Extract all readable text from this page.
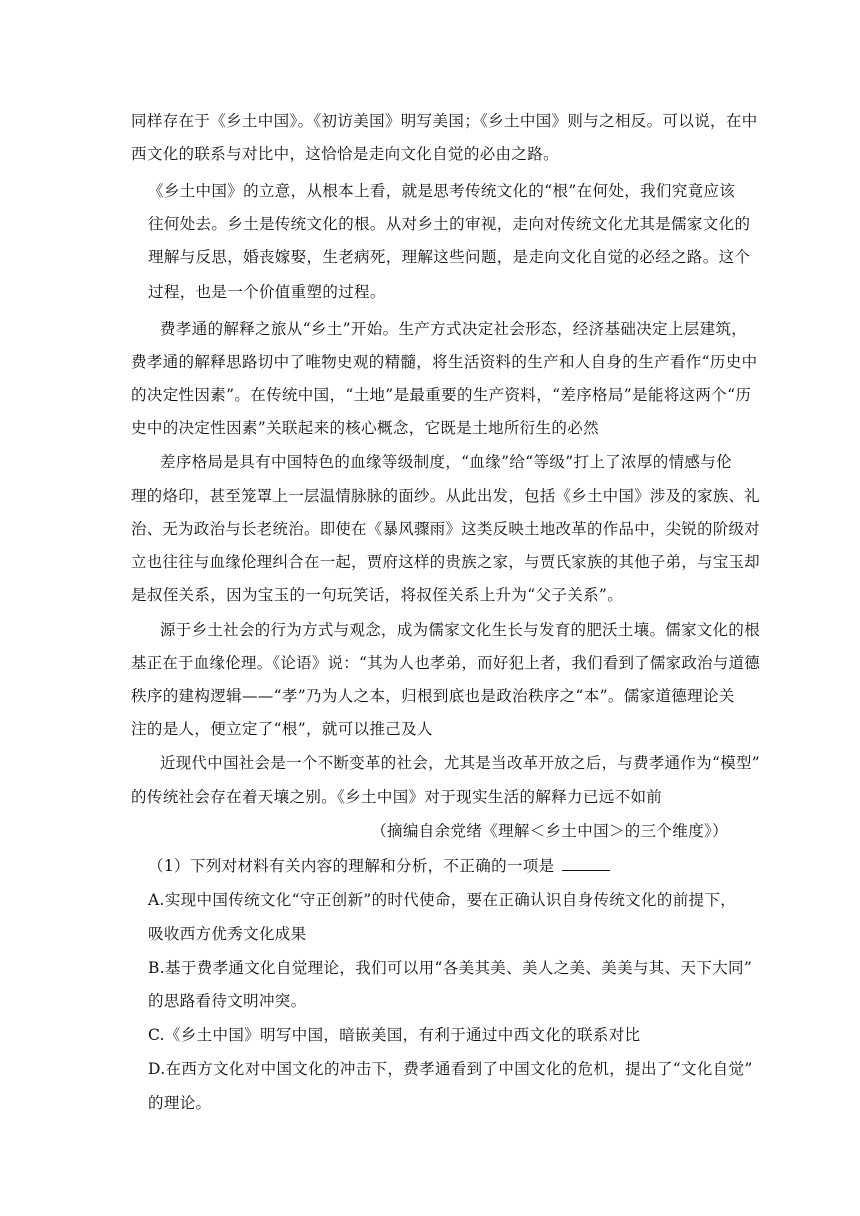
同样存在于《乡土中国》。《初访美国》明写美国；《乡土中国》则与之相反。可以说，在中
西文化的联系与对比中，这恰恰是走向文化自觉的必由之路。
《乡土中国》的立意，从根本上看，就是思考传统文化的“根”在何处，我们究竟应该
往何处去。乡土是传统文化的根。从对乡土的审视，走向对传统文化尤其是儒家文化的
理解与反思，婚丧嫁娶，生老病死，理解这些问题，是走向文化自觉的必经之路。这个
过程，也是一个价值重塑的过程。
费孝通的解释之旅从“乡土”开始。生产方式决定社会形态，经济基础决定上层建筑，
费孝通的解释思路切中了唯物史观的精髓，将生活资料的生产和人自身的生产看作“历史中
的决定性因素”。在传统中国，“土地”是最重要的生产资料，“差序格局”是能将这两个“历
史中的决定性因素”关联起来的核心概念，它既是土地所衍生的必然
差序格局是具有中国特色的血缘等级制度，“血缘”给“等级”打上了浓厚的情感与伦
理的烙印，甚至笼罩上一层温情脉脉的面纱。从此出发，包括《乡土中国》涉及的家族、礼
治、无为政治与长老统治。即使在《暴风骤雨》这类反映土地改革的作品中，尖锐的阶级对
立也往往与血缘伦理纠合在一起，贾府这样的贵族之家，与贾氏家族的其他子弟，与宝玉却
是叔侄关系，因为宝玉的一句玩笑话，将叔侄关系上升为“父子关系”。
源于乡土社会的行为方式与观念，成为儒家文化生长与发育的肥沃土壤。儒家文化的根
基正在于血缘伦理。《论语》说：“其为人也孝弟，而好犯上者，我们看到了儒家政治与道德
秩序的建构逻辑——“孝”乃为人之本，归根到底也是政治秩序之“本”。儒家道德理论关
注的是人，便立定了“根”，就可以推己及人
近现代中国社会是一个不断变革的社会，尤其是当改革开放之后，与费孝通作为“模型”
的传统社会存在着天壤之别。《乡土中国》对于现实生活的解释力已远不如前
（摘编自余党绪《理解＜乡土中国＞的三个维度》）
（1）下列对材料有关内容的理解和分析，不正确的一项是
A.实现中国传统文化“守正创新”的时代使命，要在正确认识自身传统文化的前提下，
吸收西方优秀文化成果
B.基于费孝通文化自觉理论，我们可以用“各美其美、美人之美、美美与其、天下大同”
的思路看待文明冲突。
C.《乡土中国》明写中国，暗嵌美国，有利于通过中西文化的联系对比
D.在西方文化对中国文化的冲击下，费孝通看到了中国文化的危机，提出了“文化自觉”
的理论。
